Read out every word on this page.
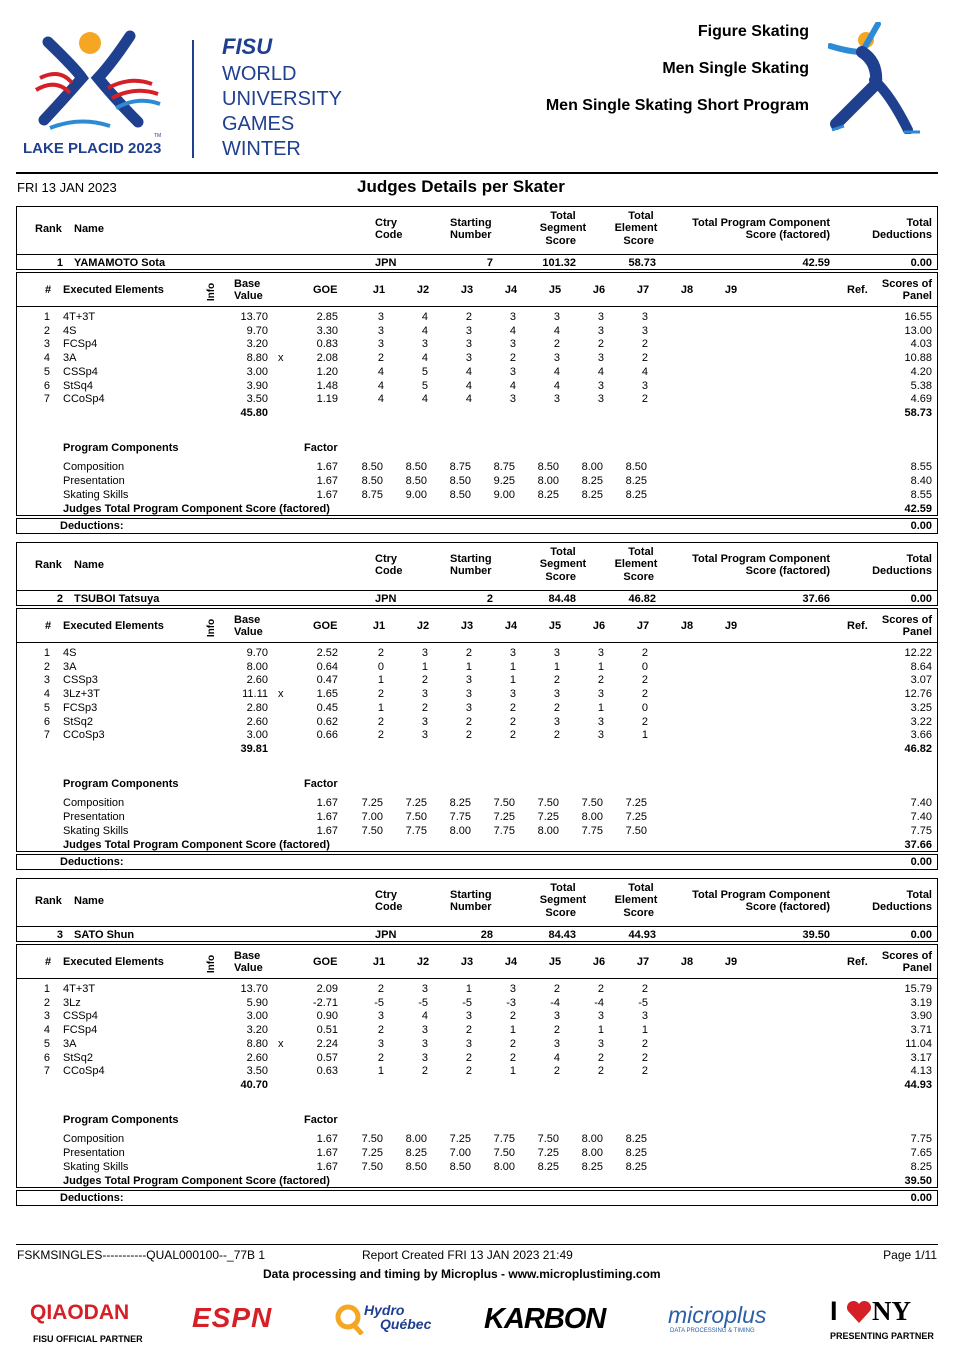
TM
LAKE PLACID 2023
FISU
WORLD
UNIVERSITY
GAMES
WINTER
Figure Skating
Men Single Skating
Men Single Skating Short Program
FRI 13 JAN 2023	Judges Details per Skater
Rank Name	Ctry
Code
Starting
Number
Total
Segment
Score
Total
Element
Score
Total Program Component
Score (factored)
Total
Deductions
1 YAMAMOTO Sota	JPN	7	101.32	58.73	42.59	0.00
# Executed Elements	Info Base
Value	GOE	J1	J2	J3	J4	J5	J6	J7	J8	J9	Ref.	Scores of
Panel
1 4T+3T	13.70	2.85	3	4	2	3	3	3	3	16.55
2 4S	9.70	3.30	3	4	3	4	4	3	3	13.00
3 FCSp4	3.20	0.83	3	3	3	3	2	2	2	4.03
4 3A	8.80 x	2.08	2	4	3	2	3	3	2	10.88
5 CSSp4	3.00	1.20	4	5	4	3	4	4	4	4.20
6 StSq4	3.90	1.48	4	5	4	4	4	3	3	5.38
7 CCoSp4	3.50	1.19	4	4	4	3	3	3	2	4.69
45.80	58.73
Program Components	Factor
Composition	1.67	8.50	8.50	8.75	8.75	8.50	8.00	8.50	8.55
Presentation	1.67	8.50	8.50	8.50	9.25	8.00	8.25	8.25	8.40
Skating Skills	1.67	8.75	9.00	8.50	9.00	8.25	8.25	8.25	8.55
Judges Total Program Component Score (factored)	42.59
Deductions:	0.00
Rank Name	Ctry
Code
Starting
Number
Total
Segment
Score
Total
Element
Score
Total Program Component
Score (factored)
Total
Deductions
2 TSUBOI Tatsuya	JPN	2	84.48	46.82	37.66	0.00
# Executed Elements	Info Base
Value	GOE	J1	J2	J3	J4	J5	J6	J7	J8	J9	Ref.	Scores of
Panel
1 4S	9.70	2.52	2	3	2	3	3	3	2	12.22
2 3A	8.00	0.64	0	1	1	1	1	1	0	8.64
3 CSSp3	2.60	0.47	1	2	3	1	2	2	2	3.07
4 3Lz+3T	11.11 x	1.65	2	3	3	3	3	3	2	12.76
5 FCSp3	2.80	0.45	1	2	3	2	2	1	0	3.25
6 StSq2	2.60	0.62	2	3	2	2	3	3	2	3.22
7 CCoSp3	3.00	0.66	2	3	2	2	2	3	1	3.66
39.81	46.82
Program Components	Factor
Composition	1.67	7.25	7.25	8.25	7.50	7.50	7.50	7.25	7.40
Presentation	1.67	7.00	7.50	7.75	7.25	7.25	8.00	7.25	7.40
Skating Skills	1.67	7.50	7.75	8.00	7.75	8.00	7.75	7.50	7.75
Judges Total Program Component Score (factored)	37.66
Deductions:	0.00
Rank Name	Ctry
Code
Starting
Number
Total
Segment
Score
Total
Element
Score
Total Program Component
Score (factored)
Total
Deductions
3 SATO Shun	JPN	28	84.43	44.93	39.50	0.00
# Executed Elements	Info Base
Value	GOE	J1	J2	J3	J4	J5	J6	J7	J8	J9	Ref.	Scores of
Panel
1 4T+3T	13.70	2.09	2	3	1	3	2	2	2	15.79
2 3Lz	5.90	-2.71	-5	-5	-5	-3	-4	-4	-5	3.19
3 CSSp4	3.00	0.90	3	4	3	2	3	3	3	3.90
4 FCSp4	3.20	0.51	2	3	2	1	2	1	1	3.71
5 3A	8.80 x	2.24	3	3	3	2	3	3	2	11.04
6 StSq2	2.60	0.57	2	3	2	2	4	2	2	3.17
7 CCoSp4	3.50	0.63	1	2	2	1	2	2	2	4.13
40.70	44.93
Program Components	Factor
Composition	1.67	7.50	8.00	7.25	7.75	7.50	8.00	8.25	7.75
Presentation	1.67	7.25	8.25	7.00	7.50	7.25	8.00	8.25	7.65
Skating Skills	1.67	7.50	8.50	8.50	8.00	8.25	8.25	8.25	8.25
Judges Total Program Component Score (factored)	39.50
Deductions:	0.00
FSKMSINGLES-----------QUAL000100--_77B 1	Report Created FRI 13 JAN 2023 21:49	Page 1/11
Data processing and timing by Microplus - www.microplustiming.com
QIAODAN
FISU OFFICIAL PARTNER
ESPN	Hydro
Québec KARBON	microplus
DATA PROCESSING & TIMING
I NY
PRESENTING PARTNER
